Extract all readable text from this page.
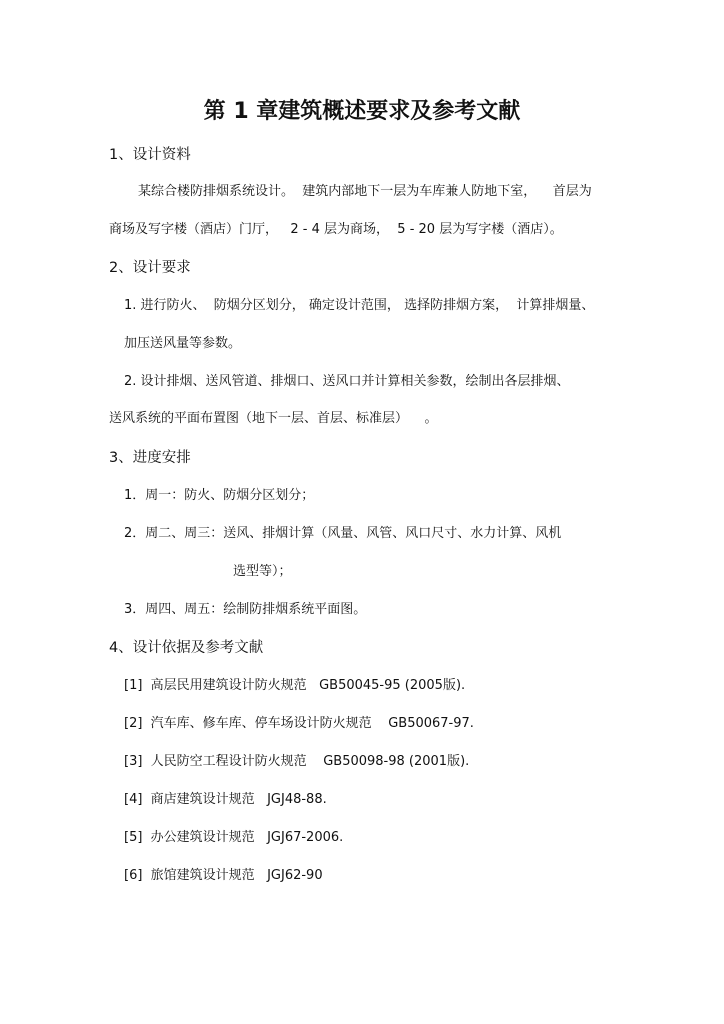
第 1 章建筑概述要求及参考文献
1、设计资料
某综合楼防排烟系统设计。  建筑内部地下一层为车库兼人防地下室，    首层为
商场及写字楼（酒店）门厅，   2 - 4 层为商场，  5 - 20 层为写字楼（酒店）。
2、设计要求
1. 进行防火、  防烟分区划分， 确定设计范围， 选择防排烟方案，  计算排烟量、
加压送风量等参数。
2. 设计排烟、送风管道、排烟口、送风口并计算相关参数，绘制出各层排烟、
送风系统的平面布置图（地下一层、首层、标准层）    。
3、进度安排
1．周一：防火、防烟分区划分；
2．周二、周三：送风、排烟计算（风量、风管、风口尺寸、水力计算、风机
选型等）；
3．周四、周五：绘制防排烟系统平面图。
4、设计依据及参考文献
[1]  高层民用建筑设计防火规范   GB50045-95 (2005版).
[2]  汽车库、修车库、停车场设计防火规范    GB50067-97.
[3]  人民防空工程设计防火规范    GB50098-98 (2001版).
[4]  商店建筑设计规范   JGJ48-88.
[5]  办公建筑设计规范   JGJ67-2006.
[6]  旅馆建筑设计规范   JGJ62-90
